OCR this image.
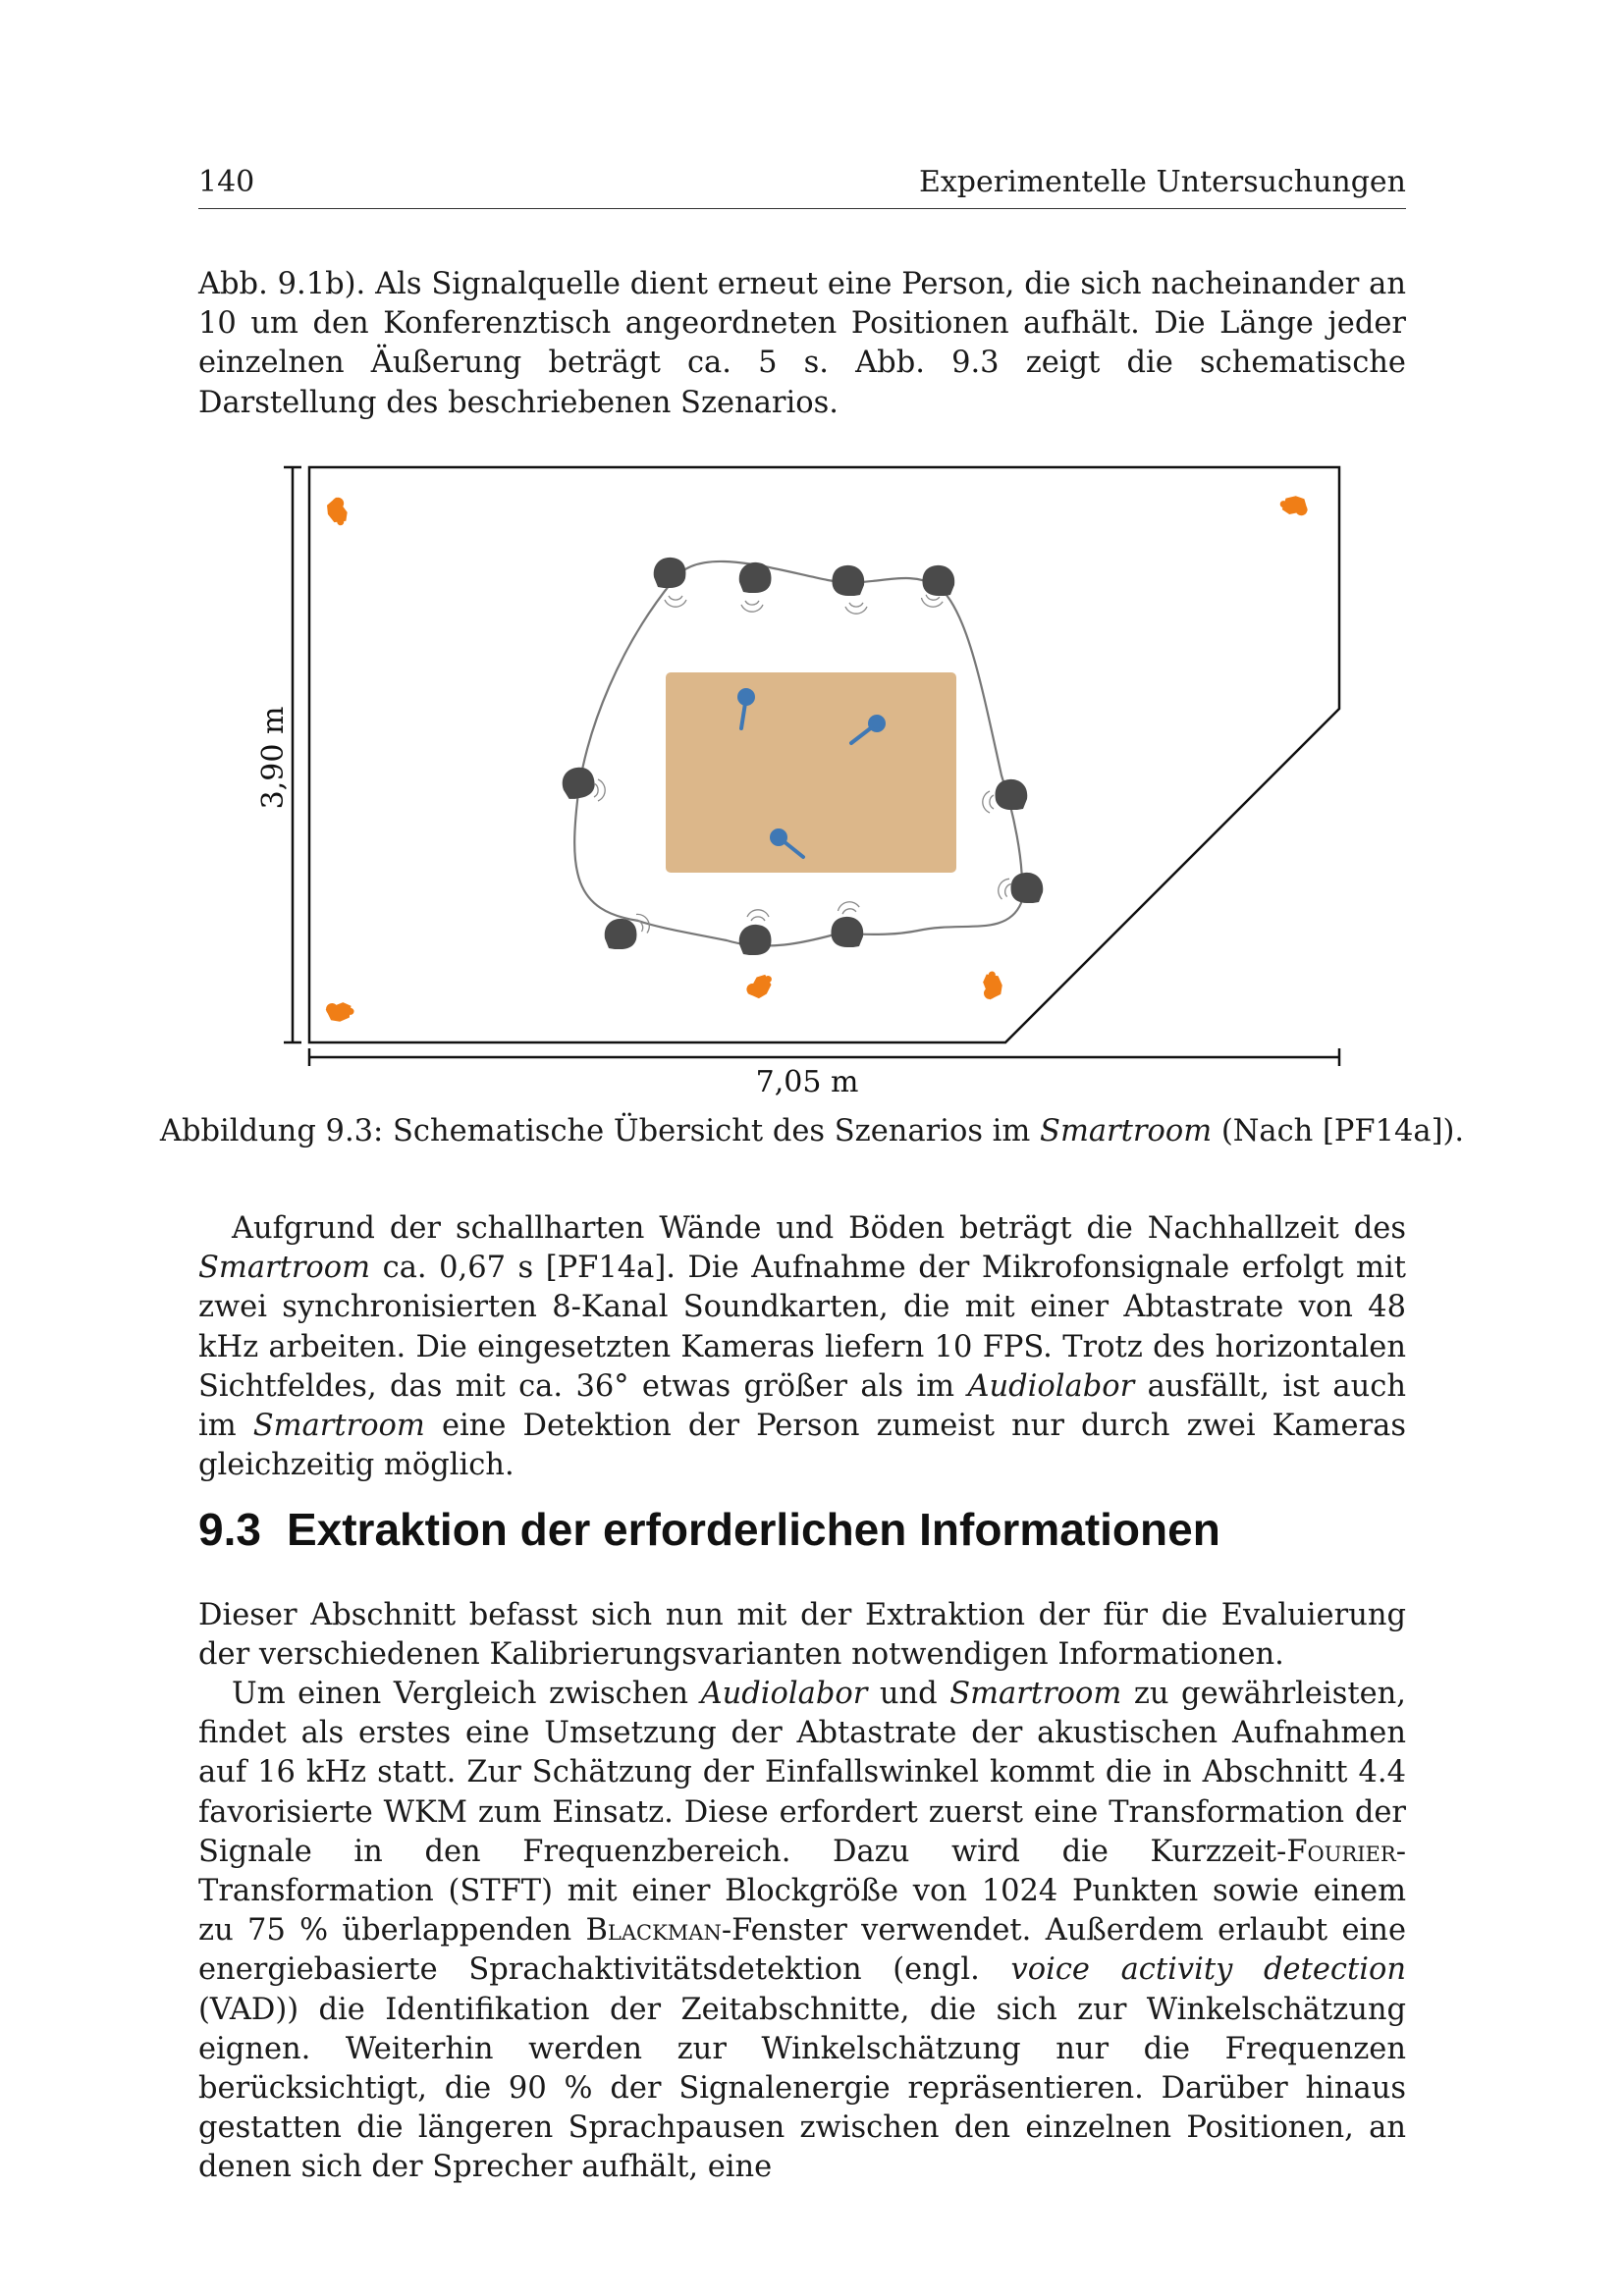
140	Experimentelle Untersuchungen

Abb. 9.1b). Als Signalquelle dient erneut eine Person, die sich nacheinander an 10 um den Konferenztisch angeordneten Positionen aufhält. Die Länge jeder einzelnen Äußerung beträgt ca. 5 s. Abb. 9.3 zeigt die schematische Darstellung des beschriebenen Szenarios.

3,90 m
7,05 m
Abbildung 9.3: Schematische Übersicht des Szenarios im Smartroom (Nach [PF14a]).

Aufgrund der schallharten Wände und Böden beträgt die Nachhallzeit des Smartroom ca. 0,67 s [PF14a]. Die Aufnahme der Mikrofonsignale erfolgt mit zwei synchronisierten 8-Kanal Soundkarten, die mit einer Abtastrate von 48 kHz arbeiten. Die eingesetzten Kameras liefern 10 FPS. Trotz des horizontalen Sichtfeldes, das mit ca. 36° etwas größer als im Audiolabor ausfällt, ist auch im Smartroom eine Detektion der Person zumeist nur durch zwei Kameras gleichzeitig möglich.

9.3 Extraktion der erforderlichen Informationen

Dieser Abschnitt befasst sich nun mit der Extraktion der für die Evaluierung der verschiedenen Kalibrierungsvarianten notwendigen Informationen.

Um einen Vergleich zwischen Audiolabor und Smartroom zu gewährleisten, findet als erstes eine Umsetzung der Abtastrate der akustischen Aufnahmen auf 16 kHz statt. Zur Schätzung der Einfallswinkel kommt die in Abschnitt 4.4 favorisierte WKM zum Einsatz. Diese erfordert zuerst eine Transformation der Signale in den Frequenzbereich. Dazu wird die Kurzzeit-Fourier-Transformation (STFT) mit einer Blockgröße von 1024 Punkten sowie einem zu 75 % überlappenden Blackman-Fenster verwendet. Außerdem erlaubt eine energiebasierte Sprachaktivitätsdetektion (engl. voice activity detection (VAD)) die Identifikation der Zeitabschnitte, die sich zur Winkelschätzung eignen. Weiterhin werden zur Winkelschätzung nur die Frequenzen berücksichtigt, die 90 % der Signalenergie repräsentieren. Darüber hinaus gestatten die längeren Sprachpausen zwischen den einzelnen Positionen, an denen sich der Sprecher aufhält, eine
